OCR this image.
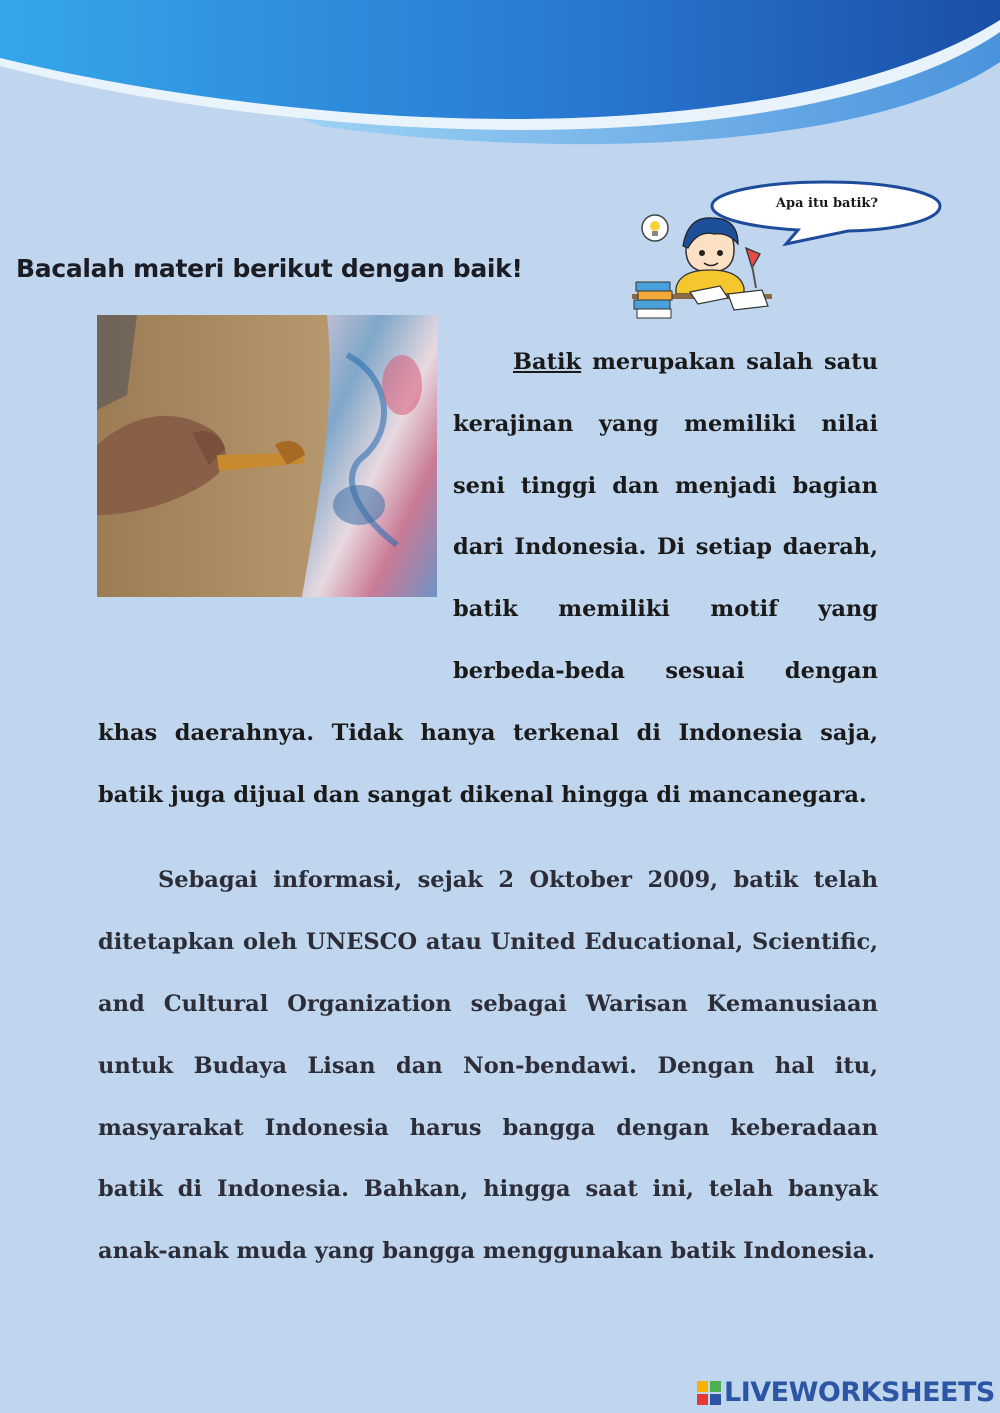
Bacalah materi berikut dengan baik!
Apa itu batik?

Batik merupakan salah satu kerajinan yang memiliki nilai seni tinggi dan menjadi bagian dari Indonesia. Di setiap daerah, batik memiliki motif yang berbeda-beda sesuai dengan khas daerahnya. Tidak hanya terkenal di Indonesia saja, batik juga dijual dan sangat dikenal hingga di mancanegara.

Sebagai informasi, sejak 2 Oktober 2009, batik telah ditetapkan oleh UNESCO atau United Educational, Scientific, and Cultural Organization sebagai Warisan Kemanusiaan untuk Budaya Lisan dan Non-bendawi. Dengan hal itu, masyarakat Indonesia harus bangga dengan keberadaan batik di Indonesia. Bahkan, hingga saat ini, telah banyak anak-anak muda yang bangga menggunakan batik Indonesia.

LIVEWORKSHEETS
